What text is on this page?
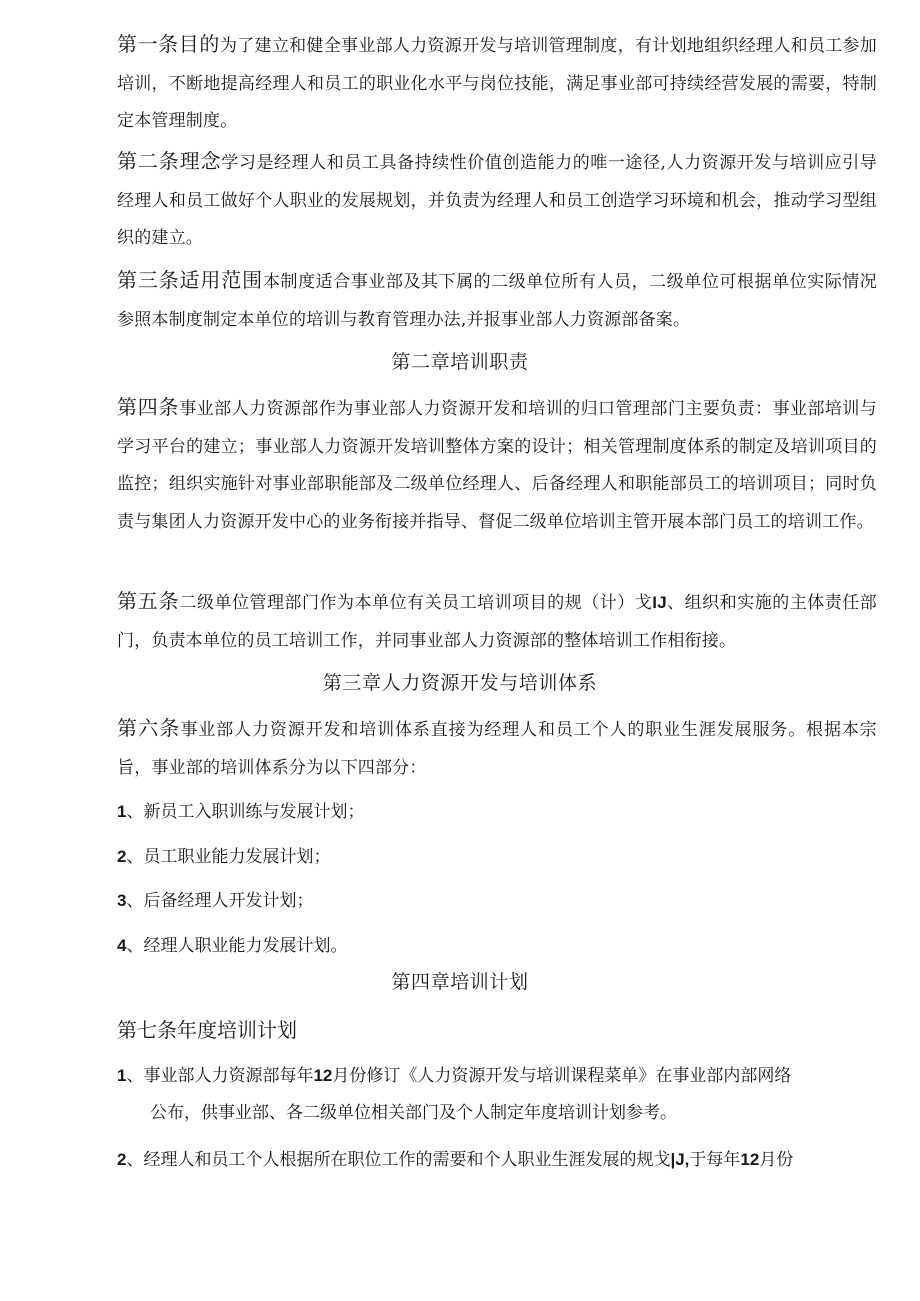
第一条目的为了建立和健全事业部人力资源开发与培训管理制度，有计划地组织经理人和员工参加培训，不断地提高经理人和员工的职业化水平与岗位技能，满足事业部可持续经营发展的需要，特制定本管理制度。
第二条理念学习是经理人和员工具备持续性价值创造能力的唯一途径,人力资源开发与培训应引导经理人和员工做好个人职业的发展规划，并负责为经理人和员工创造学习环境和机会，推动学习型组织的建立。
第三条适用范围本制度适合事业部及其下属的二级单位所有人员，二级单位可根据单位实际情况参照本制度制定本单位的培训与教育管理办法,并报事业部人力资源部备案。
第二章培训职责
第四条事业部人力资源部作为事业部人力资源开发和培训的归口管理部门主要负责：事业部培训与学习平台的建立；事业部人力资源开发培训整体方案的设计；相关管理制度体系的制定及培训项目的监控；组织实施针对事业部职能部及二级单位经理人、后备经理人和职能部员工的培训项目；同时负责与集团人力资源开发中心的业务衔接并指导、督促二级单位培训主管开展本部门员工的培训工作。
第五条二级单位管理部门作为本单位有关员工培训项目的规（计）戈IJ、组织和实施的主体责任部门，负责本单位的员工培训工作，并同事业部人力资源部的整体培训工作相衔接。
第三章人力资源开发与培训体系
第六条事业部人力资源开发和培训体系直接为经理人和员工个人的职业生涯发展服务。根据本宗旨，事业部的培训体系分为以下四部分：
1、新员工入职训练与发展计划；
2、员工职业能力发展计划；
3、后备经理人开发计划；
4、经理人职业能力发展计划。
第四章培训计划
第七条年度培训计划
1、事业部人力资源部每年12月份修订《人力资源开发与培训课程菜单》在事业部内部网络
公布，供事业部、各二级单位相关部门及个人制定年度培训计划参考。
2、经理人和员工个人根据所在职位工作的需要和个人职业生涯发展的规戈|J,于每年12月份
